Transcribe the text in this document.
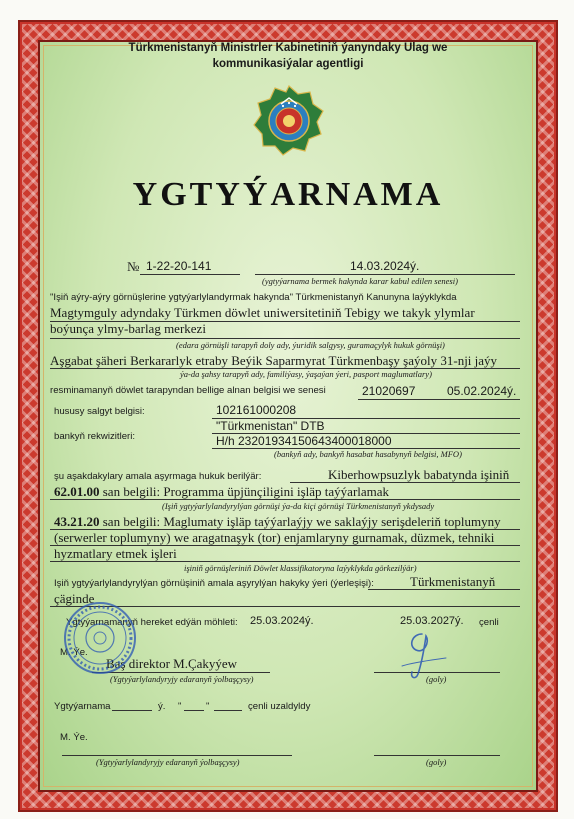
Türkmenistanyň Ministrler Kabinetiniň ýanyndaky Ulag we
kommunikasiýalar agentligi
YGTYÝARNAMA
№ 1-22-20-141	14.03.2024ý.
(ygtyýarnama bermek hakynda karar kabul edilen senesi)
"Işiň aýry-aýry görnüşlerine ygtyýarlylandyrmak hakynda" Türkmenistanyň Kanunyna laýyklykda
Magtymguly adyndaky Türkmen döwlet uniwersitetiniň Tebigy we takyk ylymlar
boýunça ylmy-barlag merkezi
(edara görnüşli tarapyň doly ady, ýuridik salgysy, guramaçylyk hukuk görnüşi)
Aşgabat şäheri Berkararlyk etraby Beýik Saparmyrat Türkmenbaşy şaýoly 31-nji jaýy
ýa-da şahsy tarapyň ady, familiýasy, ýaşaýan ýeri, pasport maglumatlary)
resminamanyň döwlet tarapyndan bellige alnan belgisi we senesi	21020697	05.02.2024ý.
hususy salgyt belgisi:	102161000208
bankyň rekwizitleri:
"Türkmenistan" DTB
H/h 23201934150643400018000
(bankyň ady, bankyň hasabat hasabynyň belgisi, MFO)
şu aşakdakylary amala aşyrmaga hukuk berilýär:	Kiberhowpsuzlyk babatynda işiniň
62.01.00 san belgili: Programma üpjünçiligini işläp taýýarlamak
(Işiň ygtyýarlylandyrylýan görnüşi ýa-da kiçi görnüşi Türkmenistanyň ykdysady
43.21.20 san belgili: Maglumaty işläp taýýarlaýjy we saklaýjy serişdeleriň toplumyny
(serwerler toplumyny) we aragatnaşyk (tor) enjamlaryny gurnamak, düzmek, tehniki
hyzmatlary etmek işleri
işiniň görnüşleriniň Döwlet klassifikatoryna laýyklykda görkezilýär)
Işiň ygtyýarlylandyrylýan görnüşiniň amala aşyrylýan hakyky ýeri (ýerleşişi):	Türkmenistanyň
çäginde
Ygtyýarnamanyň hereket edýän möhleti: 25.03.2024ý.	25.03.2027ý. çenli
M. Ýe.
Baş direktor M.Çakyýew
(Ygtyýarlylandyryjy edaranyň ýolbaşçysy)	(goly)
Ygtyýarnama	ý. "	"	çenli uzaldyldy
M. Ýe.
(Ygtyýarlylandyryjy edaranyň ýolbaşçysy)	(goly)
